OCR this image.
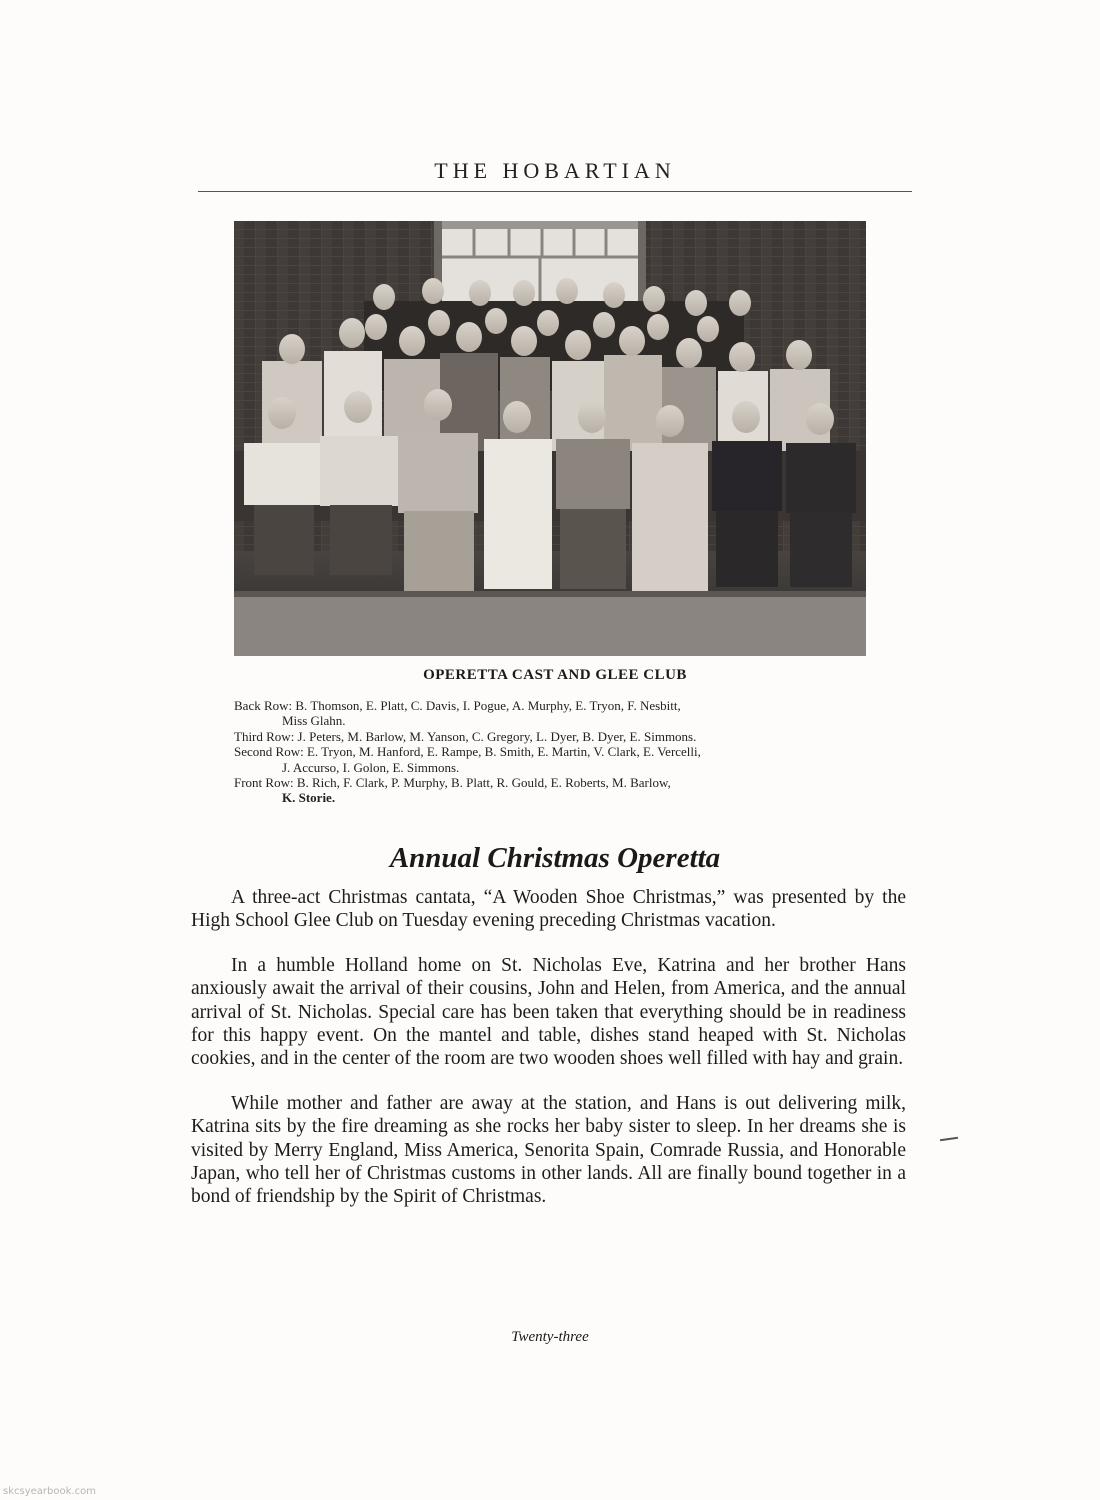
THE HOBARTIAN
OPERETTA CAST AND GLEE CLUB
Back Row: B. Thomson, E. Platt, C. Davis, I. Pogue, A. Murphy, E. Tryon, F. Nesbitt,
Miss Glahn.
Third Row: J. Peters, M. Barlow, M. Yanson, C. Gregory, L. Dyer, B. Dyer, E. Simmons.
Second Row: E. Tryon, M. Hanford, E. Rampe, B. Smith, E. Martin, V. Clark, E. Vercelli,
J. Accurso, I. Golon, E. Simmons.
Front Row: B. Rich, F. Clark, P. Murphy, B. Platt, R. Gould, E. Roberts, M. Barlow,
K. Storie.
Annual Christmas Operetta

A three-act Christmas cantata, “A Wooden Shoe Christmas,” was presented by the High School Glee Club on Tuesday evening preceding Christmas vacation.

In a humble Holland home on St. Nicholas Eve, Katrina and her brother Hans anxiously await the arrival of their cousins, John and Helen, from America, and the annual arrival of St. Nicholas. Special care has been taken that everything should be in readiness for this happy event. On the mantel and table, dishes stand heaped with St. Nicholas cookies, and in the center of the room are two wooden shoes well filled with hay and grain.

While mother and father are away at the station, and Hans is out delivering milk, Katrina sits by the fire dreaming as she rocks her baby sister to sleep. In her dreams she is visited by Merry England, Miss America, Senorita Spain, Comrade Russia, and Honorable Japan, who tell her of Christmas customs in other lands. All are finally bound together in a bond of friendship by the Spirit of Christmas.

Twenty-three
skcsyearbook.com
